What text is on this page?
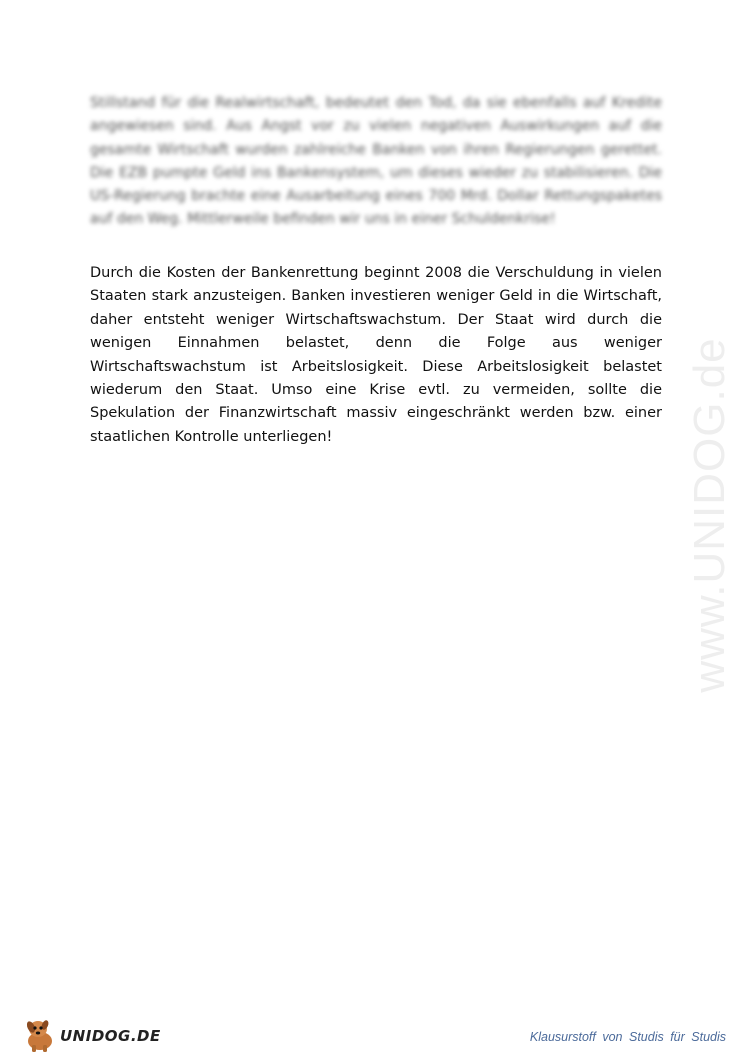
Stillstand für die Realwirtschaft, bedeutet den Tod, da sie ebenfalls auf Kredite angewiesen sind. Aus Angst vor zu vielen negativen Auswirkungen auf die gesamte Wirtschaft wurden zahlreiche Banken von ihren Regierungen gerettet. Die EZB pumpte Geld ins Bankensystem, um dieses wieder zu stabilisieren. Die US-Regierung brachte eine Ausarbeitung eines 700 Mrd. Dollar Rettungspaketes auf den Weg. Mittlerweile befinden wir uns in einer Schuldenkrise!

Durch die Kosten der Bankenrettung beginnt 2008 die Verschuldung in vielen Staaten stark anzusteigen. Banken investieren weniger Geld in die Wirtschaft, daher entsteht weniger Wirtschaftswachstum. Der Staat wird durch die wenigen Einnahmen belastet, denn die Folge aus weniger Wirtschaftswachstum ist Arbeitslosigkeit. Diese Arbeitslosigkeit belastet wiederum den Staat. Umso eine Krise evtl. zu vermeiden, sollte die Spekulation der Finanzwirtschaft massiv eingeschränkt werden bzw. einer staatlichen Kontrolle unterliegen!	www.UNIDOG.de
UNIDOG.DE	Klausurstoff von Studis für Studis
